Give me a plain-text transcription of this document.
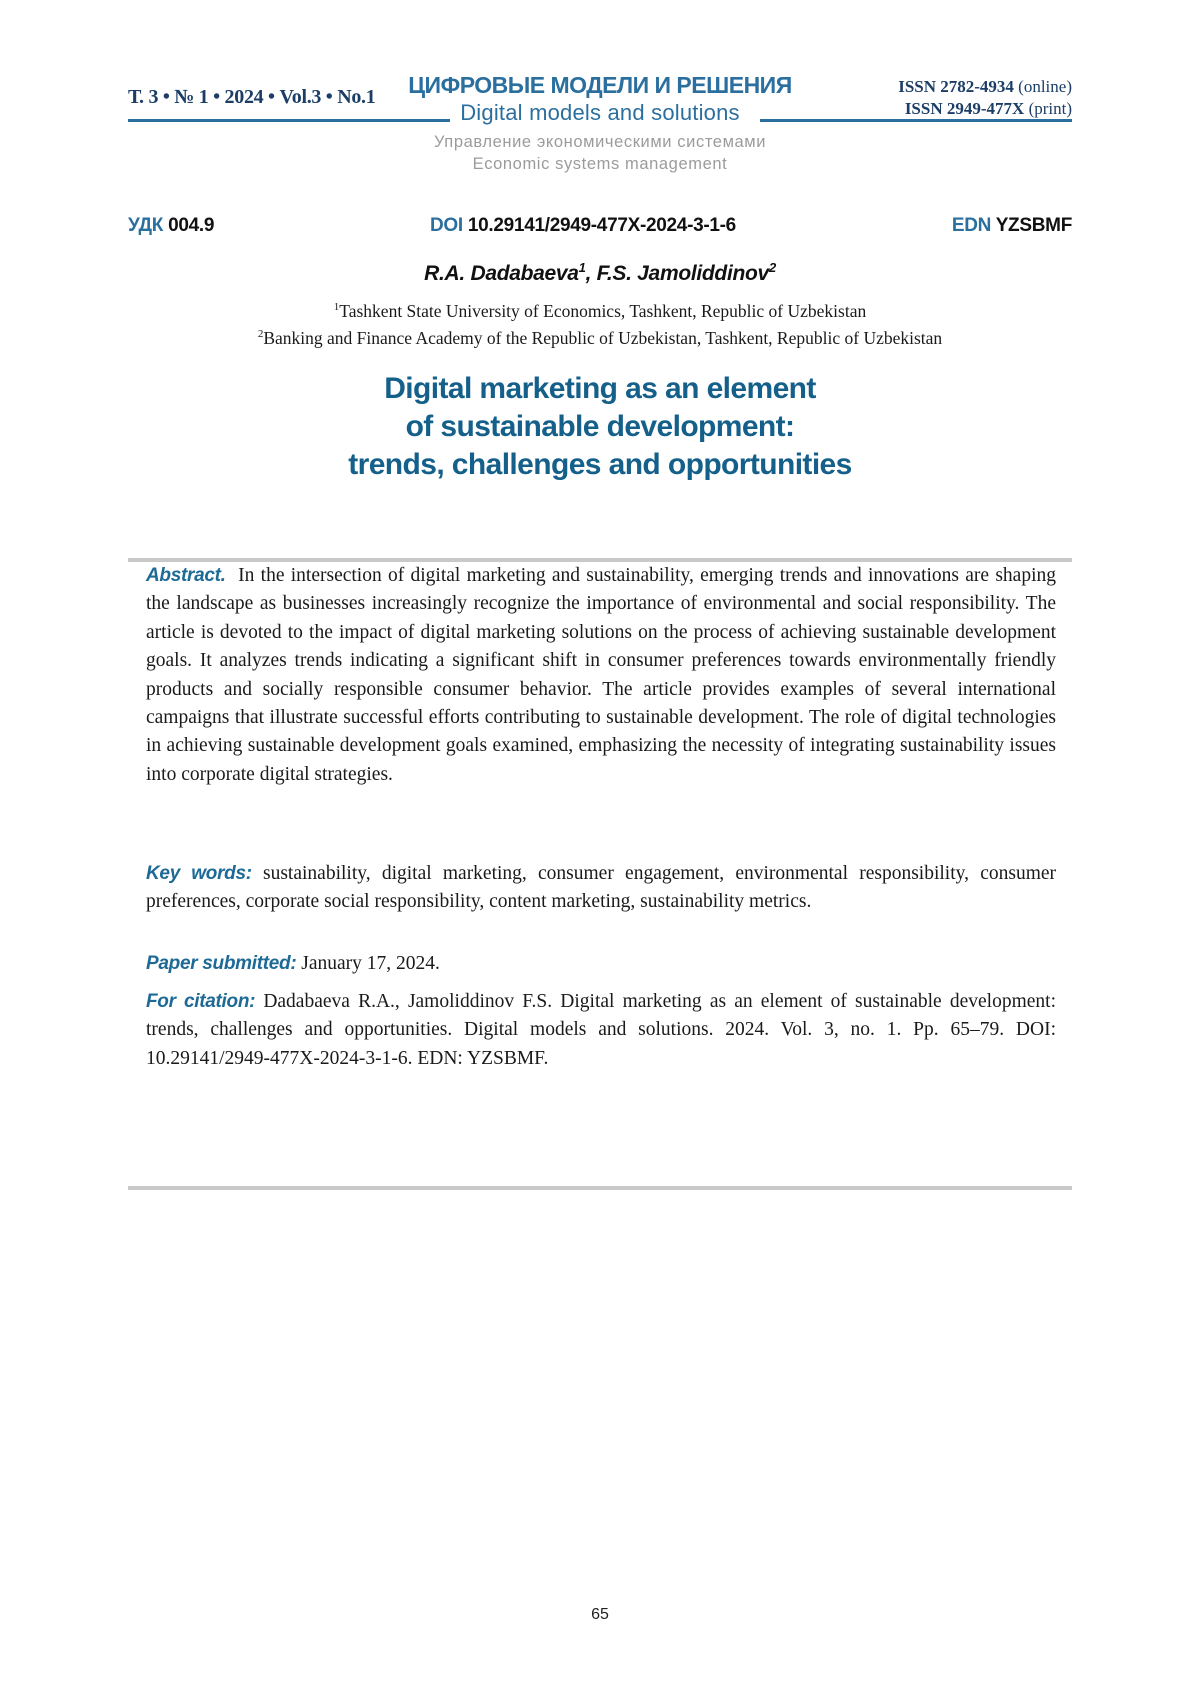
Т. 3 • № 1 • 2024 • Vol.3 • No.1	ЦИФРОВЫЕ МОДЕЛИ И РЕШЕНИЯ
Digital models and solutions
ISSN 2782-4934 (online)
ISSN 2949-477X (print)
Управление экономическими системами
Economic systems management
УДК 004.9	DOI 10.29141/2949-477X-2024-3-1-6	EDN YZSBMF
R.A. Dadabaeva$^1$, F.S. Jamoliddinov$^2$
$^1$Tashkent State University of Economics, Tashkent, Republic of Uzbekistan
$^2$Banking and Finance Academy of the Republic of Uzbekistan, Tashkent, Republic of Uzbekistan
Digital marketing as an element
of sustainable development:
trends, challenges and opportunities
Abstract. In the intersection of digital marketing and sustainability, emerging trends and innovations are shaping the landscape as businesses increasingly recognize the importance of environmental and social responsibility. The article is devoted to the impact of digital marketing solutions on the process of achieving sustainable development goals. It analyzes trends indicating a significant shift in consumer preferences towards environmentally friendly products and socially responsible consumer behavior. The article provides examples of several international campaigns that illustrate successful efforts contributing to sustainable development. The role of digital technologies in achieving sustainable development goals examined, emphasizing the necessity of integrating sustainability issues into corporate digital strategies.
Key words: sustainability, digital marketing, consumer engagement, environmental responsibility, consumer preferences, corporate social responsibility, content marketing, sustainability metrics.
Paper submitted: January 17, 2024.
For citation: Dadabaeva R.A., Jamoliddinov F.S. Digital marketing as an element of sustainable development: trends, challenges and opportunities. Digital models and solutions. 2024. Vol. 3, no. 1. Pp. 65–79. DOI: 10.29141/2949-477X-2024-3-1-6. EDN: YZSBMF.
65
